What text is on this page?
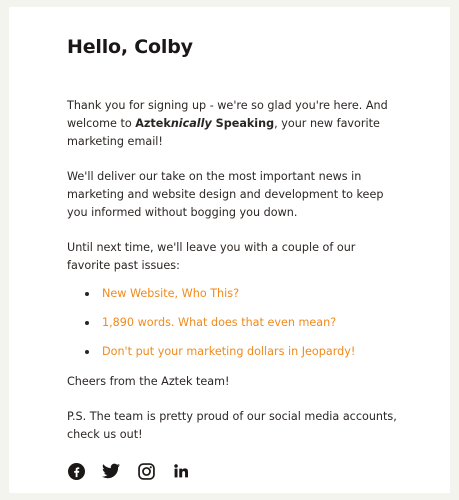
Hello, Colby

Thank you for signing up - we're so glad you're here. And welcome to Azteknically Speaking, your new favorite marketing email!

We'll deliver our take on the most important news in marketing and website design and development to keep you informed without bogging you down.

Until next time, we'll leave you with a couple of our favorite past issues:

New Website, Who This?
1,890 words. What does that even mean?
Don't put your marketing dollars in Jeopardy!

Cheers from the Aztek team!

P.S. The team is pretty proud of our social media accounts, check us out!
